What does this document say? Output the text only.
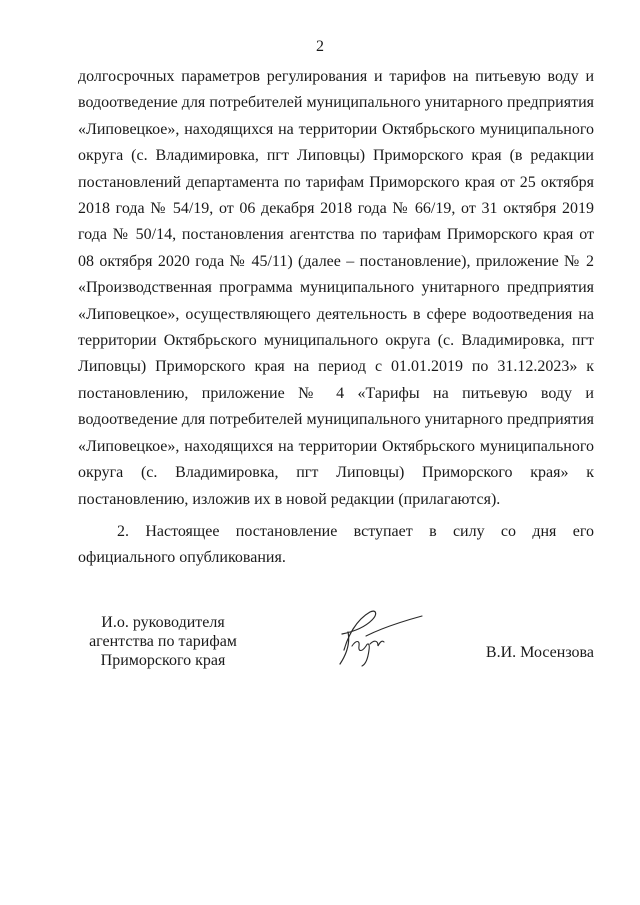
2

долгосрочных параметров регулирования и тарифов на питьевую воду и водоотведение для потребителей муниципального унитарного предприятия «Липовецкое», находящихся на территории Октябрьского муниципального округа (с. Владимировка, пгт Липовцы) Приморского края (в редакции постановлений департамента по тарифам Приморского края от 25 октября 2018 года № 54/19, от 06 декабря 2018 года № 66/19, от 31 октября 2019 года № 50/14, постановления агентства по тарифам Приморского края от 08 октября 2020 года № 45/11) (далее – постановление), приложение № 2 «Производственная программа муниципального унитарного предприятия «Липовецкое», осуществляющего деятельность в сфере водоотведения на территории Октябрьского муниципального округа (с. Владимировка, пгт Липовцы) Приморского края на период с 01.01.2019 по 31.12.2023» к постановлению, приложение № 4 «Тарифы на питьевую воду и водоотведение для потребителей муниципального унитарного предприятия «Липовецкое», находящихся на территории Октябрьского муниципального округа (с. Владимировка, пгт Липовцы) Приморского края» к постановлению, изложив их в новой редакции (прилагаются).

2. Настоящее постановление вступает в силу со дня его официального опубликования.

И.о. руководителя
агентства по тарифам
Приморского края	В.И. Мосензова
